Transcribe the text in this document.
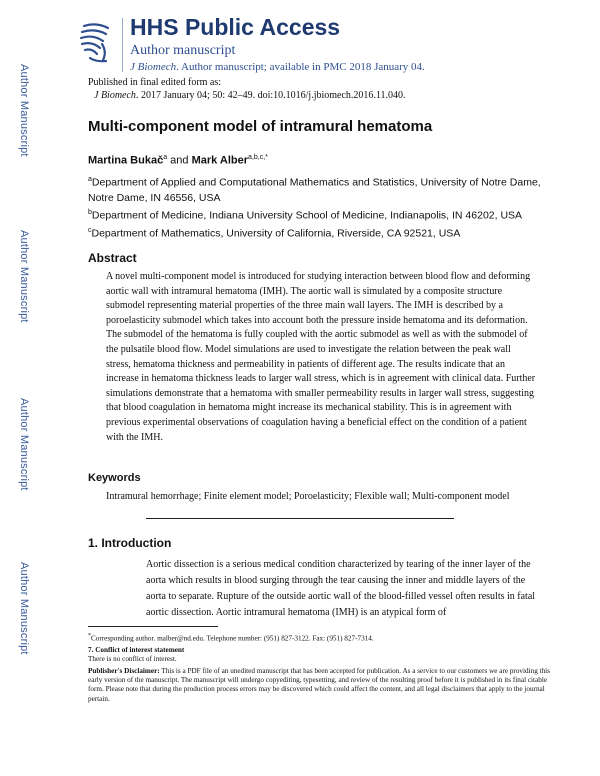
Author Manuscript
Author Manuscript
Author Manuscript
Author Manuscript
HHS Public Access
Author manuscript
J Biomech. Author manuscript; available in PMC 2018 January 04.
Published in final edited form as:
J Biomech. 2017 January 04; 50: 42–49. doi:10.1016/j.jbiomech.2016.11.040.
Multi-component model of intramural hematoma
Martina Bukač$^a$ and Mark Alber$^{a,b,c,*}$
$^a$Department of Applied and Computational Mathematics and Statistics, University of Notre Dame, Notre Dame, IN 46556, USA
$^b$Department of Medicine, Indiana University School of Medicine, Indianapolis, IN 46202, USA
$^c$Department of Mathematics, University of California, Riverside, CA 92521, USA
Abstract

A novel multi-component model is introduced for studying interaction between blood flow and deforming aortic wall with intramural hematoma (IMH). The aortic wall is simulated by a composite structure submodel representing material properties of the three main wall layers. The IMH is described by a poroelasticity submodel which takes into account both the pressure inside hematoma and its deformation. The submodel of the hematoma is fully coupled with the aortic submodel as well as with the submodel of the pulsatile blood flow. Model simulations are used to investigate the relation between the peak wall stress, hematoma thickness and permeability in patients of different age. The results indicate that an increase in hematoma thickness leads to larger wall stress, which is in agreement with clinical data. Further simulations demonstrate that a hematoma with smaller permeability results in larger wall stress, suggesting that blood coagulation in hematoma might increase its mechanical stability. This is in agreement with previous experimental observations of coagulation having a beneficial effect on the condition of a patient with the IMH.

Keywords

Intramural hemorrhage; Finite element model; Poroelasticity; Flexible wall; Multi-component model

1. Introduction

Aortic dissection is a serious medical condition characterized by tearing of the inner layer of the aorta which results in blood surging through the tear causing the inner and middle layers of the aorta to separate. Rupture of the outside aortic wall of the blood-filled vessel often results in fatal aortic dissection. Aortic intramural hematoma (IMH) is an atypical form of

*Corresponding author. malber@nd.edu. Telephone number: (951) 827-3122. Fax: (951) 827-7314.

7. Conflict of interest statement

There is no conflict of interest.

Publisher's Disclaimer: This is a PDF file of an unedited manuscript that has been accepted for publication. As a service to our customers we are providing this early version of the manuscript. The manuscript will undergo copyediting, typesetting, and review of the resulting proof before it is published in its final citable form. Please note that during the production process errors may be discovered which could affect the content, and all legal disclaimers that apply to the journal pertain.
